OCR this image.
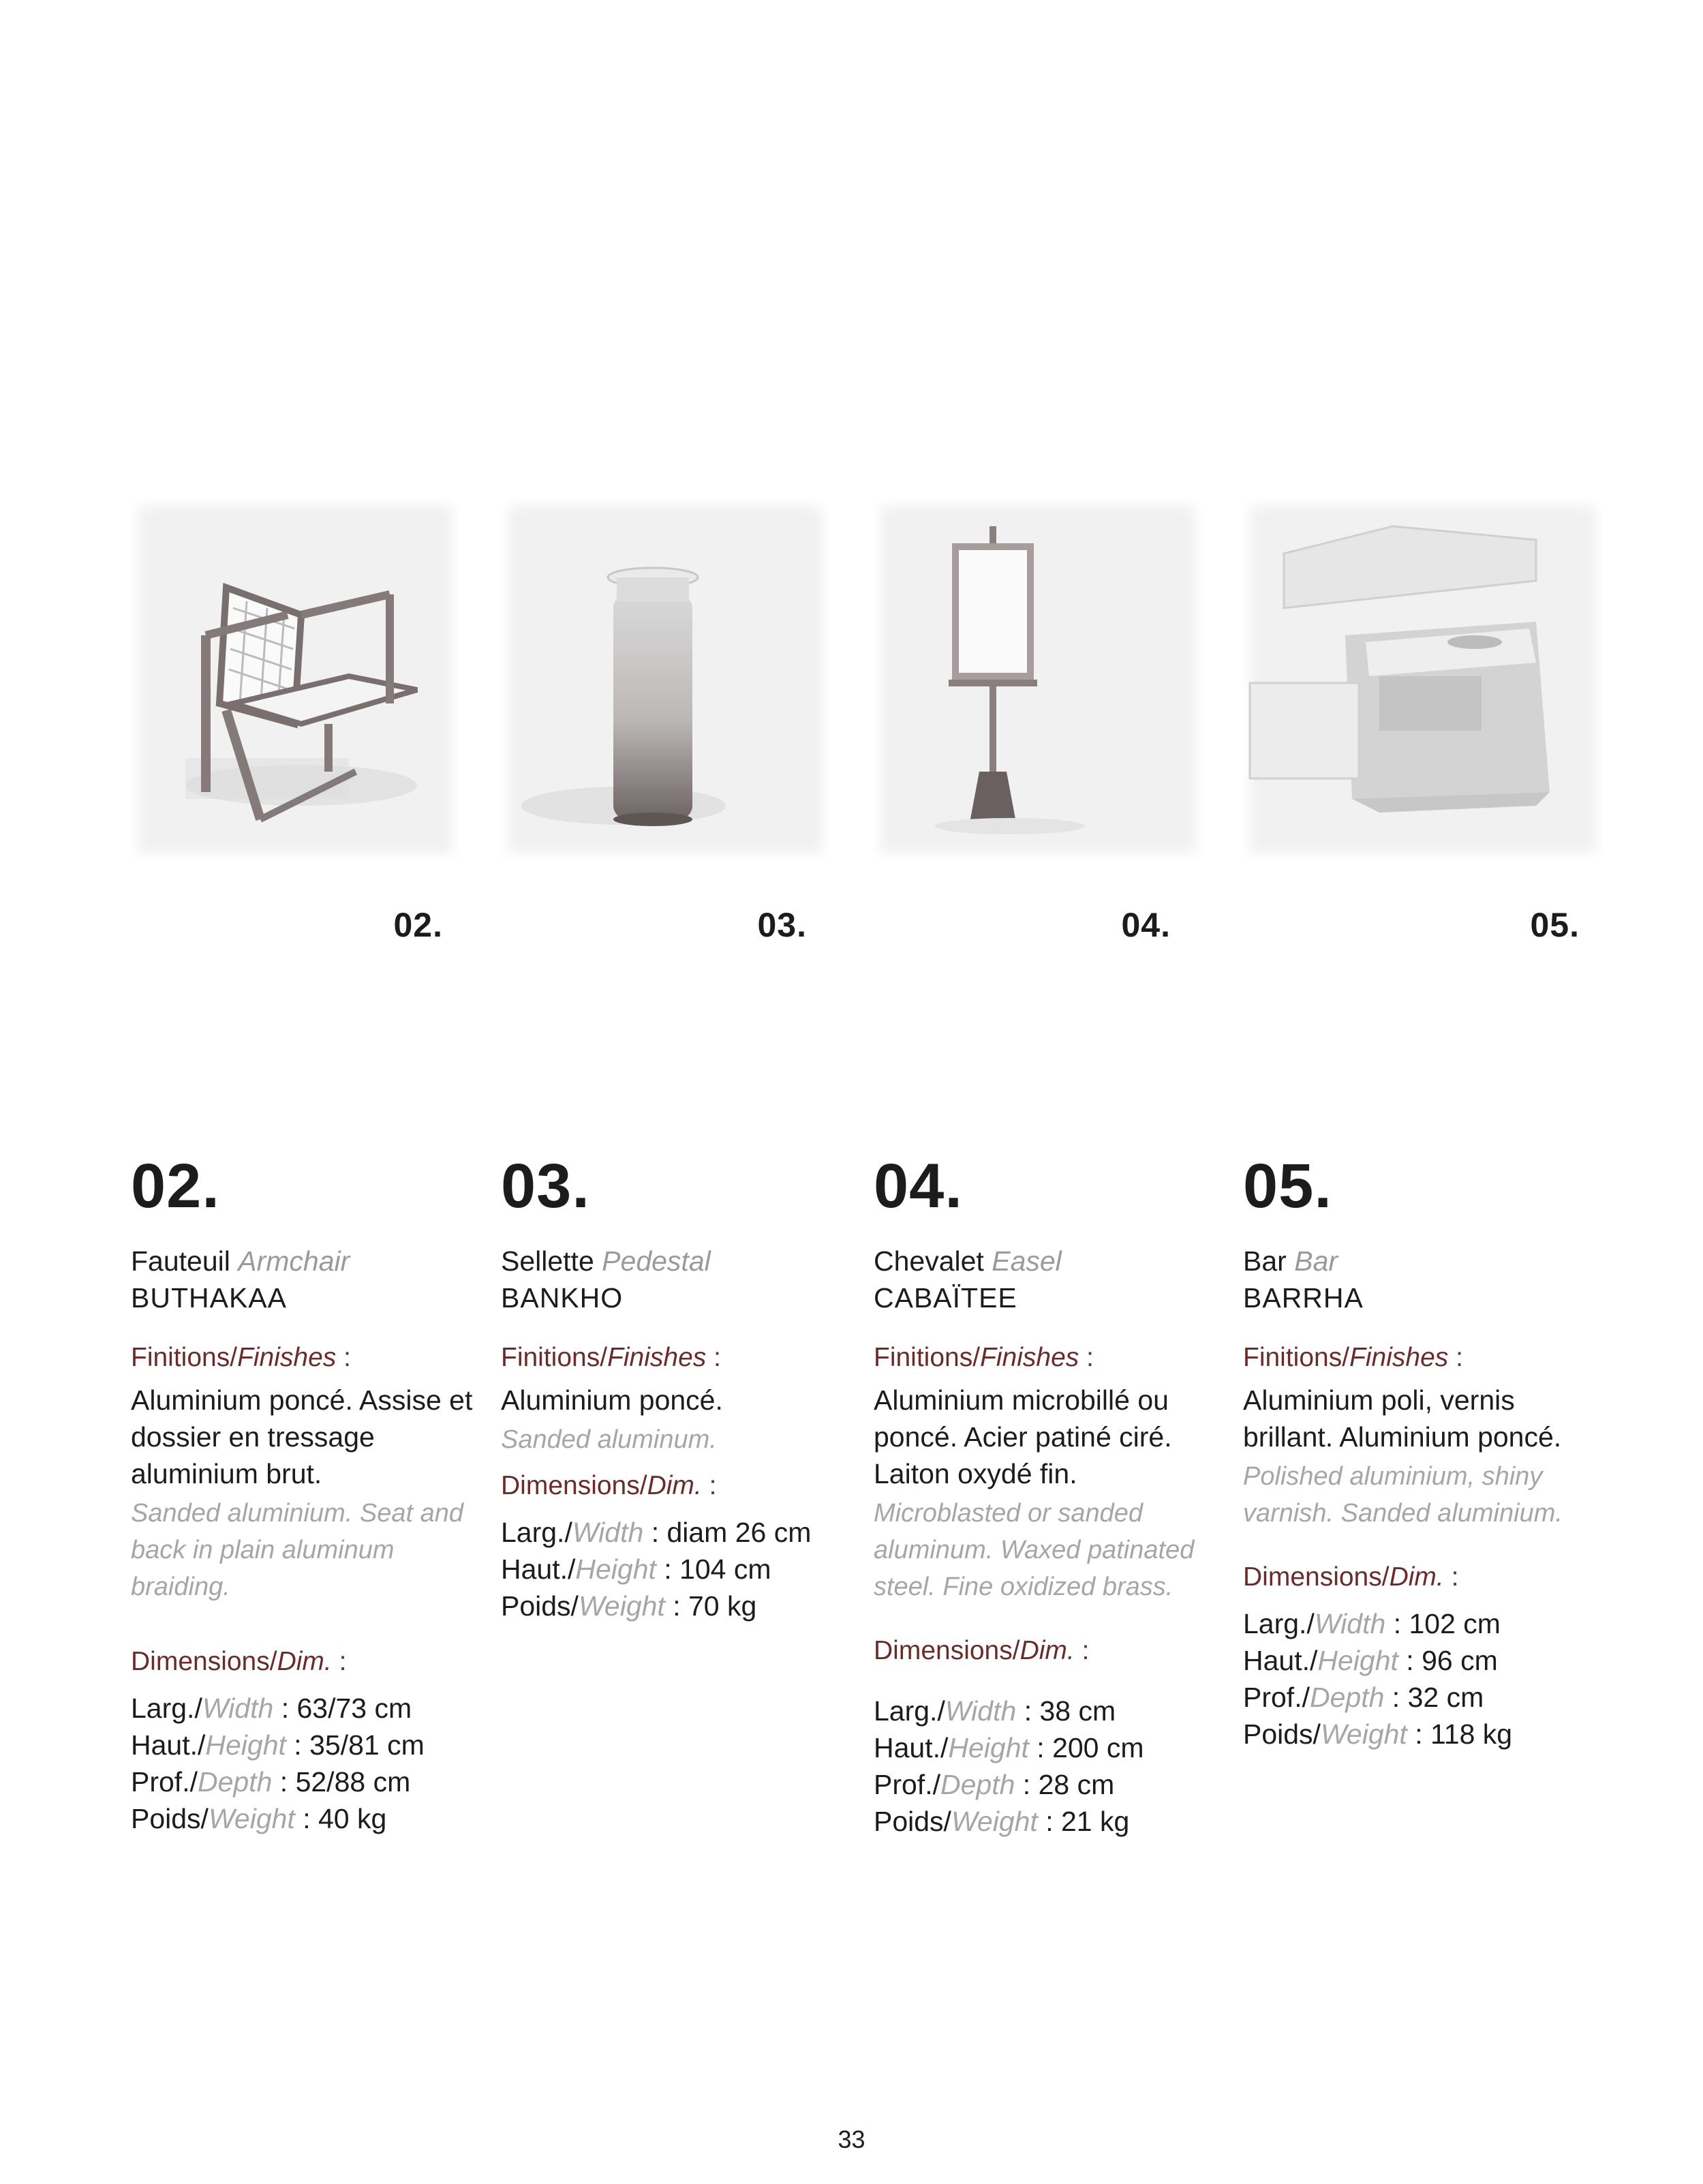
02.	03.	04.	05.
02.
Fauteuil Armchair
BUTHAKAA
Finitions/Finishes :
Aluminium poncé. Assise et dossier en tressage aluminium brut.
Sanded aluminium. Seat and back in plain aluminum braiding.
Dimensions/Dim. :
Larg./Width : 63/73 cm
Haut./Height : 35/81 cm
Prof./Depth : 52/88 cm
Poids/Weight : 40 kg
03.
Sellette Pedestal
BANKHO
Finitions/Finishes :
Aluminium poncé.
Sanded aluminum.
Dimensions/Dim. :
Larg./Width : diam 26 cm
Haut./Height : 104 cm
Poids/Weight : 70 kg
04.
Chevalet Easel
CABAÏTEE
Finitions/Finishes :
Aluminium microbillé ou poncé. Acier patiné ciré. Laiton oxydé fin.
Microblasted or sanded aluminum. Waxed patinated steel. Fine oxidized brass.
Dimensions/Dim. :
Larg./Width : 38 cm
Haut./Height : 200 cm
Prof./Depth : 28 cm
Poids/Weight : 21 kg
05.
Bar Bar
BARRHA
Finitions/Finishes :
Aluminium poli, vernis brillant. Aluminium poncé.
Polished aluminium, shiny varnish. Sanded aluminium.
Dimensions/Dim. :
Larg./Width : 102 cm
Haut./Height : 96 cm
Prof./Depth : 32 cm
Poids/Weight : 118 kg
33
